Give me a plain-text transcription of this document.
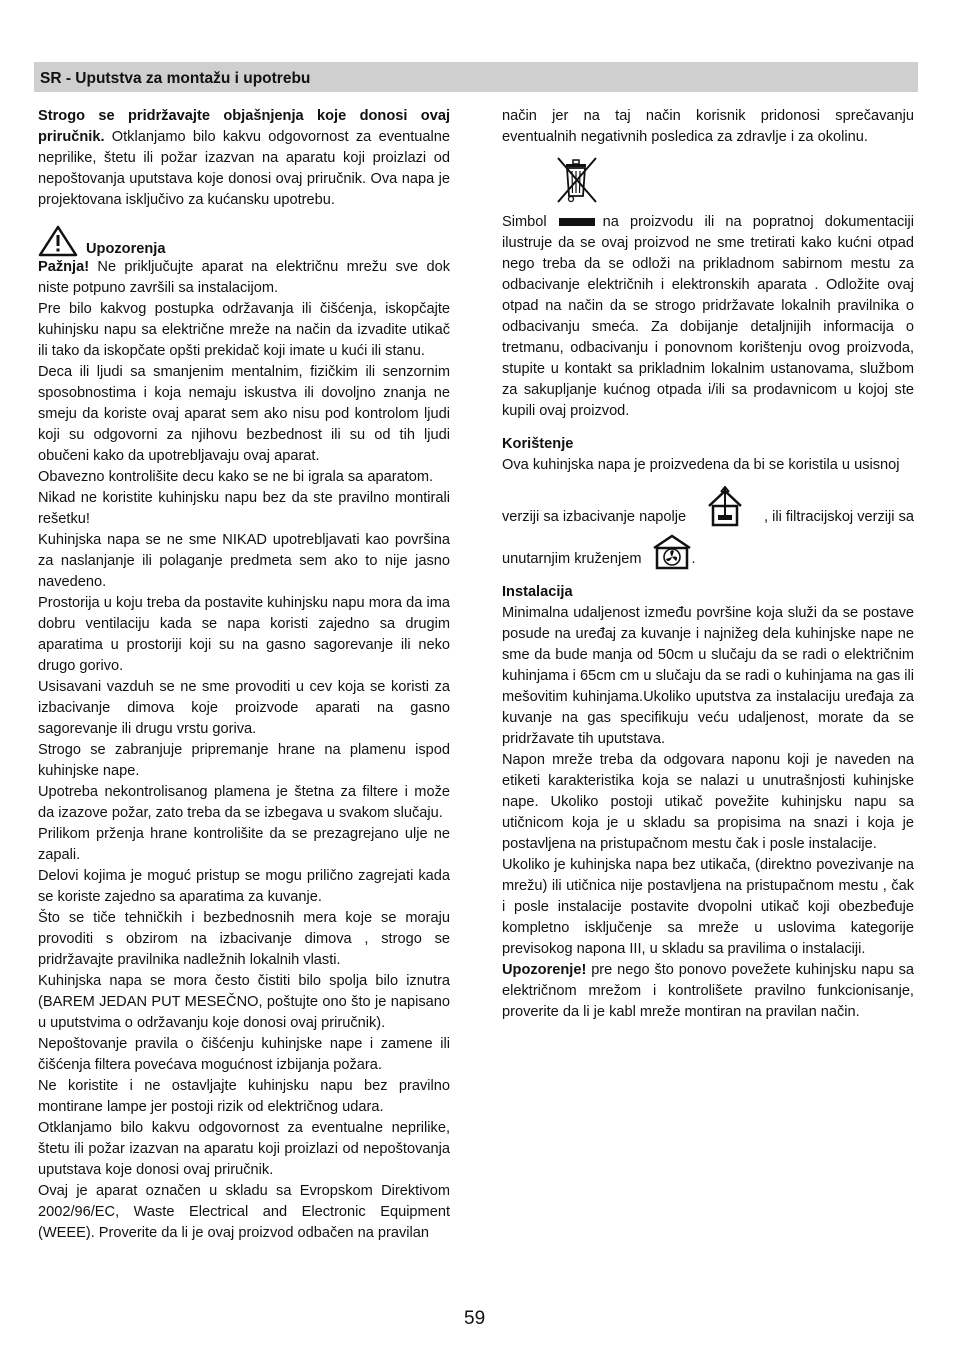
SR - Uputstva za montažu i upotrebu

Strogo se pridržavajte objašnjenja koje donosi ovaj priručnik. Otklanjamo bilo kakvu odgovornost za eventualne neprilike, štetu ili požar izazvan na aparatu koji proizlazi od nepoštovanja uputstava koje donosi ovaj priručnik. Ova napa je projektovana isključivo za kućansku upotrebu.

Upozorenja

Pažnja! Ne priključujte aparat na električnu mrežu sve dok niste potpuno završili sa instalacijom.

Pre bilo kakvog postupka održavanja ili čišćenja, iskopčajte kuhinjsku napu sa električne mreže na način da izvadite utikač ili tako da iskopčate opšti prekidač koji imate u kući ili stanu.

Deca ili ljudi sa smanjenim mentalnim, fizičkim ili senzornim sposobnostima i koja nemaju iskustva ili dovoljno znanja ne smeju da koriste ovaj aparat sem ako nisu pod kontrolom ljudi koji su odgovorni za njihovu bezbednost ili su od tih ljudi obučeni kako da upotrebljavaju ovaj aparat.

Obavezno kontrolišite decu kako se ne bi igrala sa aparatom.

Nikad ne koristite kuhinjsku napu bez da ste pravilno montirali rešetku!

Kuhinjska napa se ne sme NIKAD upotrebljavati kao površina za naslanjanje ili polaganje predmeta sem ako to nije jasno navedeno.

Prostorija u koju treba da postavite kuhinjsku napu mora da ima dobru ventilaciju kada se napa koristi zajedno sa drugim aparatima u prostoriji koji su na gasno sagorevanje ili neko drugo gorivo.

Usisavani vazduh se ne sme provoditi u cev koja se koristi za izbacivanje dimova koje proizvode aparati na gasno sagorevanje ili drugu vrstu goriva.

Strogo se zabranjuje pripremanje hrane na plamenu ispod kuhinjske nape.

Upotreba nekontrolisanog plamena je štetna za filtere i može da izazove požar, zato treba da se izbegava u svakom slučaju.

Prilikom prženja hrane kontrolišite da se prezagrejano ulje ne zapali.

Delovi kojima je moguć pristup se mogu prilično zagrejati kada se koriste zajedno sa aparatima za kuvanje.

Što se tiče tehničkih i bezbednosnih mera koje se moraju provoditi s obzirom na izbacivanje dimova , strogo se pridržavajte pravilnika nadležnih lokalnih vlasti.

Kuhinjska napa se mora često čistiti bilo spolja bilo iznutra (BAREM JEDAN PUT MESEČNO, poštujte ono što je napisano u uputstvima o održavanju koje donosi ovaj priručnik).

Nepoštovanje pravila o čišćenju kuhinjske nape i zamene ili čišćenja filtera povećava mogućnost izbijanja požara.

Ne koristite i ne ostavljajte kuhinjsku napu bez pravilno montirane lampe jer postoji rizik od električnog udara.

Otklanjamo bilo kakvu odgovornost za eventualne neprilike, štetu ili požar izazvan na aparatu koji proizlazi od nepoštovanja uputstava koje donosi ovaj priručnik.

Ovaj je aparat označen u skladu sa Evropskom Direktivom 2002/96/EC, Waste Electrical and Electronic Equipment (WEEE). Proverite da li je ovaj proizvod odbačen na pravilan

način jer na taj način korisnik pridonosi sprečavanju eventualnih negativnih posledica za zdravlje i za okolinu.

Simbol	na proizvodu ili na popratnoj dokumentaciji ilustruje da se ovaj proizvod ne sme tretirati kako kućni otpad nego treba da se odloži na prikladnom sabirnom mestu za odbacivanje električnih i elektronskih aparata . Odložite ovaj otpad na način da se strogo pridržavate lokalnih pravilnika o odbacivanju smeća. Za dobijanje detaljnijih informacija o tretmanu, odbacivanju i ponovnom korištenju ovog proizvoda, stupite u kontakt sa prikladnim lokalnim ustanovama, službom za sakupljanje kućnog otpada i/ili sa prodavnicom u kojoj ste kupili ovaj proizvod.

Korištenje

Ova kuhinjska napa je proizvedena da bi se koristila u usisnoj

verziji sa izbacivanje napolje	, ili filtracijskoj verziji sa
unutarnjim kruženjem	.

Instalacija

Minimalna udaljenost između površine koja služi da se postave posude na uređaj za kuvanje i najnižeg dela kuhinjske nape ne sme da bude manja od 50cm u slučaju da se radi o električnim kuhinjama i 65cm cm u slučaju da se radi o kuhinjama na gas ili mešovitim kuhinjama.Ukoliko uputstva za instalaciju uređaja za kuvanje na gas specifikuju veću udaljenost, morate da se pridržavate tih uputstava.

Napon mreže treba da odgovara naponu koji je naveden na etiketi karakteristika koja se nalazi u unutrašnjosti kuhinjske nape. Ukoliko postoji utikač povežite kuhinjsku napu sa utičnicom koja je u skladu sa propisima na snazi i koja je postavljena na pristupačnom mestu čak i posle instalacije.

Ukoliko je kuhinjska napa bez utikača, (direktno povezivanje na mrežu) ili utičnica nije postavljena na pristupačnom mestu , čak i posle instalacije postavite dvopolni utikač koji obezbeđuje kompletno isključenje sa mreže u uslovima kategorije previsokog napona III, u skladu sa pravilima o instalaciji.

Upozorenje! pre nego što ponovo povežete kuhinjsku napu sa električnom mrežom i kontrolišete pravilno funkcionisanje, proverite da li je kabl mreže montiran na pravilan način.

59
